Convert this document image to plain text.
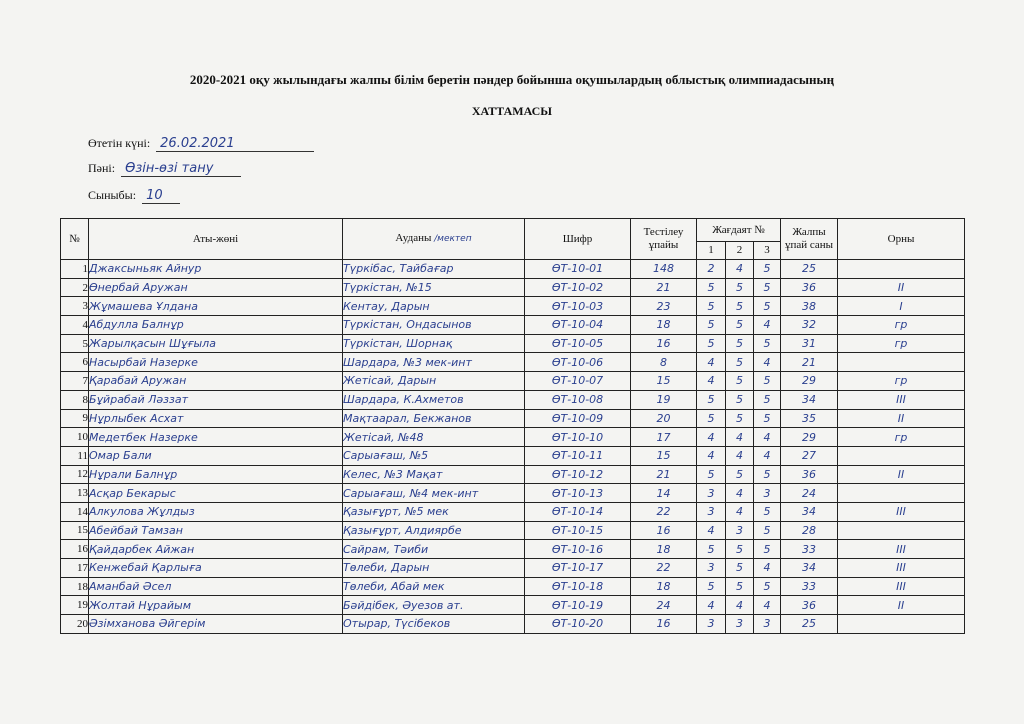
2020-2021 оқу жылындағы жалпы білім беретін пәндер бойынша оқушылардың облыстық олимпиадасының
ХАТТАМАСЫ
Өтетін күні: 26.02.2021
Пәні: Өзін-өзі тану
Сыныбы: 10
№	Аты-жөні	Ауданы /мектеп	Шифр	Тестілеу ұпайы	Жағдаят №			Жалпы ұпай саны	Орны
					1	2	3		
1	Джаксыньяк Айнур	Түркібас, Тайбағар	ӨТ-10-01	148	2	4	5	25	
2	Өнербай Аружан	Түркістан, №15	ӨТ-10-02	21	5	5	5	36	ІІ
3	Жұмашева Ұлдана	Кентау, Дарын	ӨТ-10-03	23	5	5	5	38	І
4	Абдулла Балнұр	Түркістан, Ондасынов	ӨТ-10-04	18	5	5	4	32	гр
5	Жарылқасын Шұғыла	Түркістан, Шорнақ	ӨТ-10-05	16	5	5	5	31	гр
6	Насырбай Назерке	Шардара, №3 мек-инт	ӨТ-10-06	8	4	5	4	21	
7	Қарабай Аружан	Жетісай, Дарын	ӨТ-10-07	15	4	5	5	29	гр
8	Бұйрабай Ләззат	Шардара, К.Ахметов	ӨТ-10-08	19	5	5	5	34	ІІІ
9	Нұрлыбек Асхат	Мақтаарал, Бекжанов	ӨТ-10-09	20	5	5	5	35	ІІ
10	Медетбек Назерке	Жетісай, №48	ӨТ-10-10	17	4	4	4	29	гр
11	Омар Бали	Сарыағаш, №5	ӨТ-10-11	15	4	4	4	27	
12	Нұрали Балнұр	Келес, №3 Мақат	ӨТ-10-12	21	5	5	5	36	ІІ
13	Асқар Бекарыс	Сарыағаш, №4 мек-инт	ӨТ-10-13	14	3	4	3	24	
14	Алкулова Жұлдыз	Қазығұрт, №5 мек	ӨТ-10-14	22	3	4	5	34	ІІІ
15	Абейбай Тамзан	Қазығұрт, Алдиярбе	ӨТ-10-15	16	4	3	5	28	
16	Қайдарбек Айжан	Сайрам, Тәиби	ӨТ-10-16	18	5	5	5	33	ІІІ
17	Кенжебай Қарлыға	Төлеби, Дарын	ӨТ-10-17	22	3	5	4	34	ІІІ
18	Аманбай Әсел	Төлеби, Абай мек	ӨТ-10-18	18	5	5	5	33	ІІІ
19	Жолтай Нұрайым	Бәйдібек, Әуезов ат.	ӨТ-10-19	24	4	4	4	36	ІІ
20	Әзімханова Әйгерім	Отырар, Түсібеков	ӨТ-10-20	16	3	3	3	25	
